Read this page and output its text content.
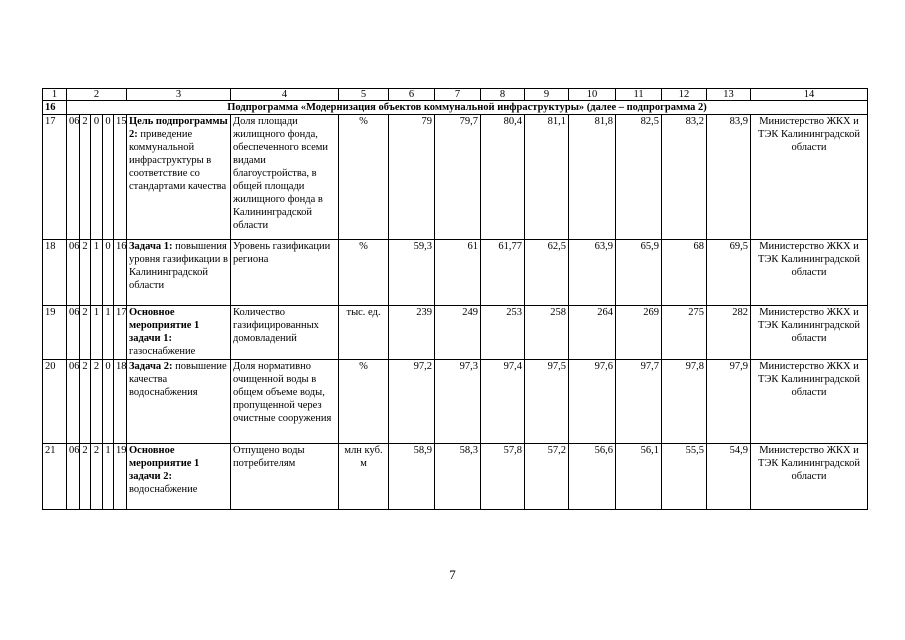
1	2					3	4	5	6	7	8	9	10	11	12	13	14
16	Подпрограмма «Модернизация объектов коммунальной инфраструктуры» (далее – подпрограмма 2)																
17	06	2	0	0	15	Цель подпрограммы 2: приведение коммунальной инфраструктуры в соответствие со стандартами качества	Доля площади жилищного фонда, обеспеченного всеми видами благоустройства, в общей площади жилищного фонда в Калининградской области	%	79	79,7	80,4	81,1	81,8	82,5	83,2	83,9	Министерство ЖКХ и ТЭК Калининградской области
18	06	2	1	0	16	Задача 1: повышения уровня газификации в Калининградской области	Уровень газификации региона	%	59,3	61	61,77	62,5	63,9	65,9	68	69,5	Министерство ЖКХ и ТЭК Калининградской области
19	06	2	1	1	17	Основное мероприятие 1 задачи 1: газоснабжение	Количество газифицированных домовладений	тыс. ед.	239	249	253	258	264	269	275	282	Министерство ЖКХ и ТЭК Калининградской области
20	06	2	2	0	18	Задача 2: повышение качества водоснабжения	Доля нормативно очищенной воды в общем объеме воды, пропущенной через очистные сооружения	%	97,2	97,3	97,4	97,5	97,6	97,7	97,8	97,9	Министерство ЖКХ и ТЭК Калининградской области
21	06	2	2	1	19	Основное мероприятие 1 задачи 2: водоснабжение	Отпущено воды потребителям	млн куб. м	58,9	58,3	57,8	57,2	56,6	56,1	55,5	54,9	Министерство ЖКХ и ТЭК Калининградской области
7
